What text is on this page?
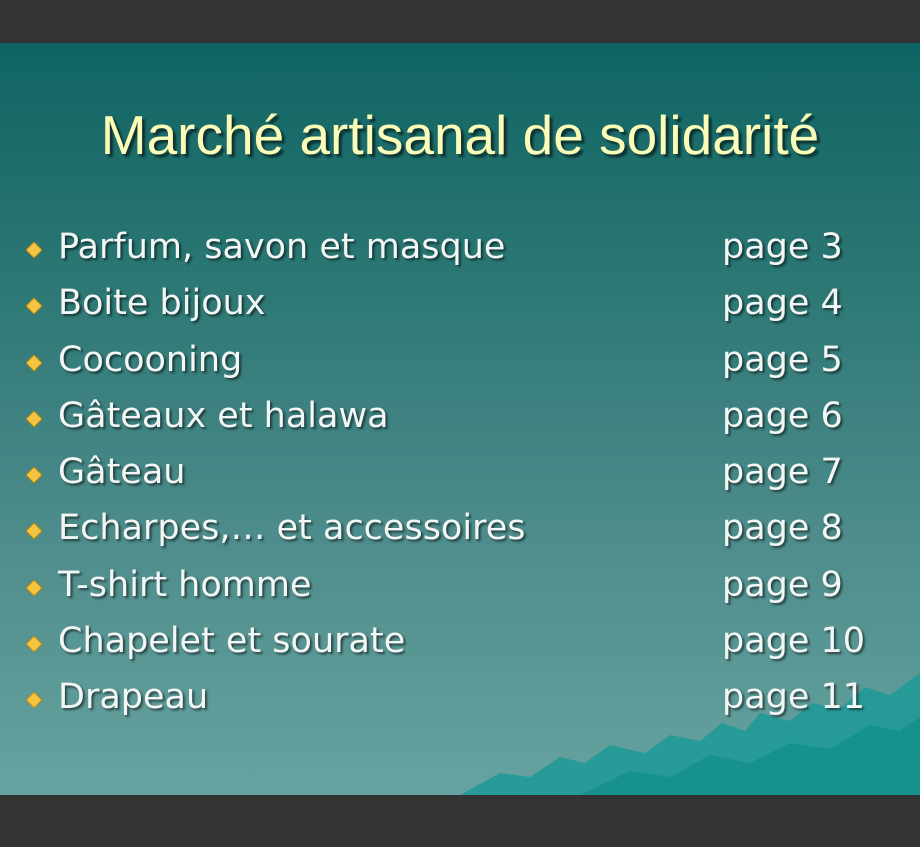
Marché artisanal de solidarité
Parfum, savon et masque	page 3
Boite bijoux	page 4
Cocooning	page 5
Gâteaux et halawa	page 6
Gâteau	page 7
Echarpes,… et accessoires	page 8
T-shirt homme	page 9
Chapelet et sourate	page 10
Drapeau	page 11
